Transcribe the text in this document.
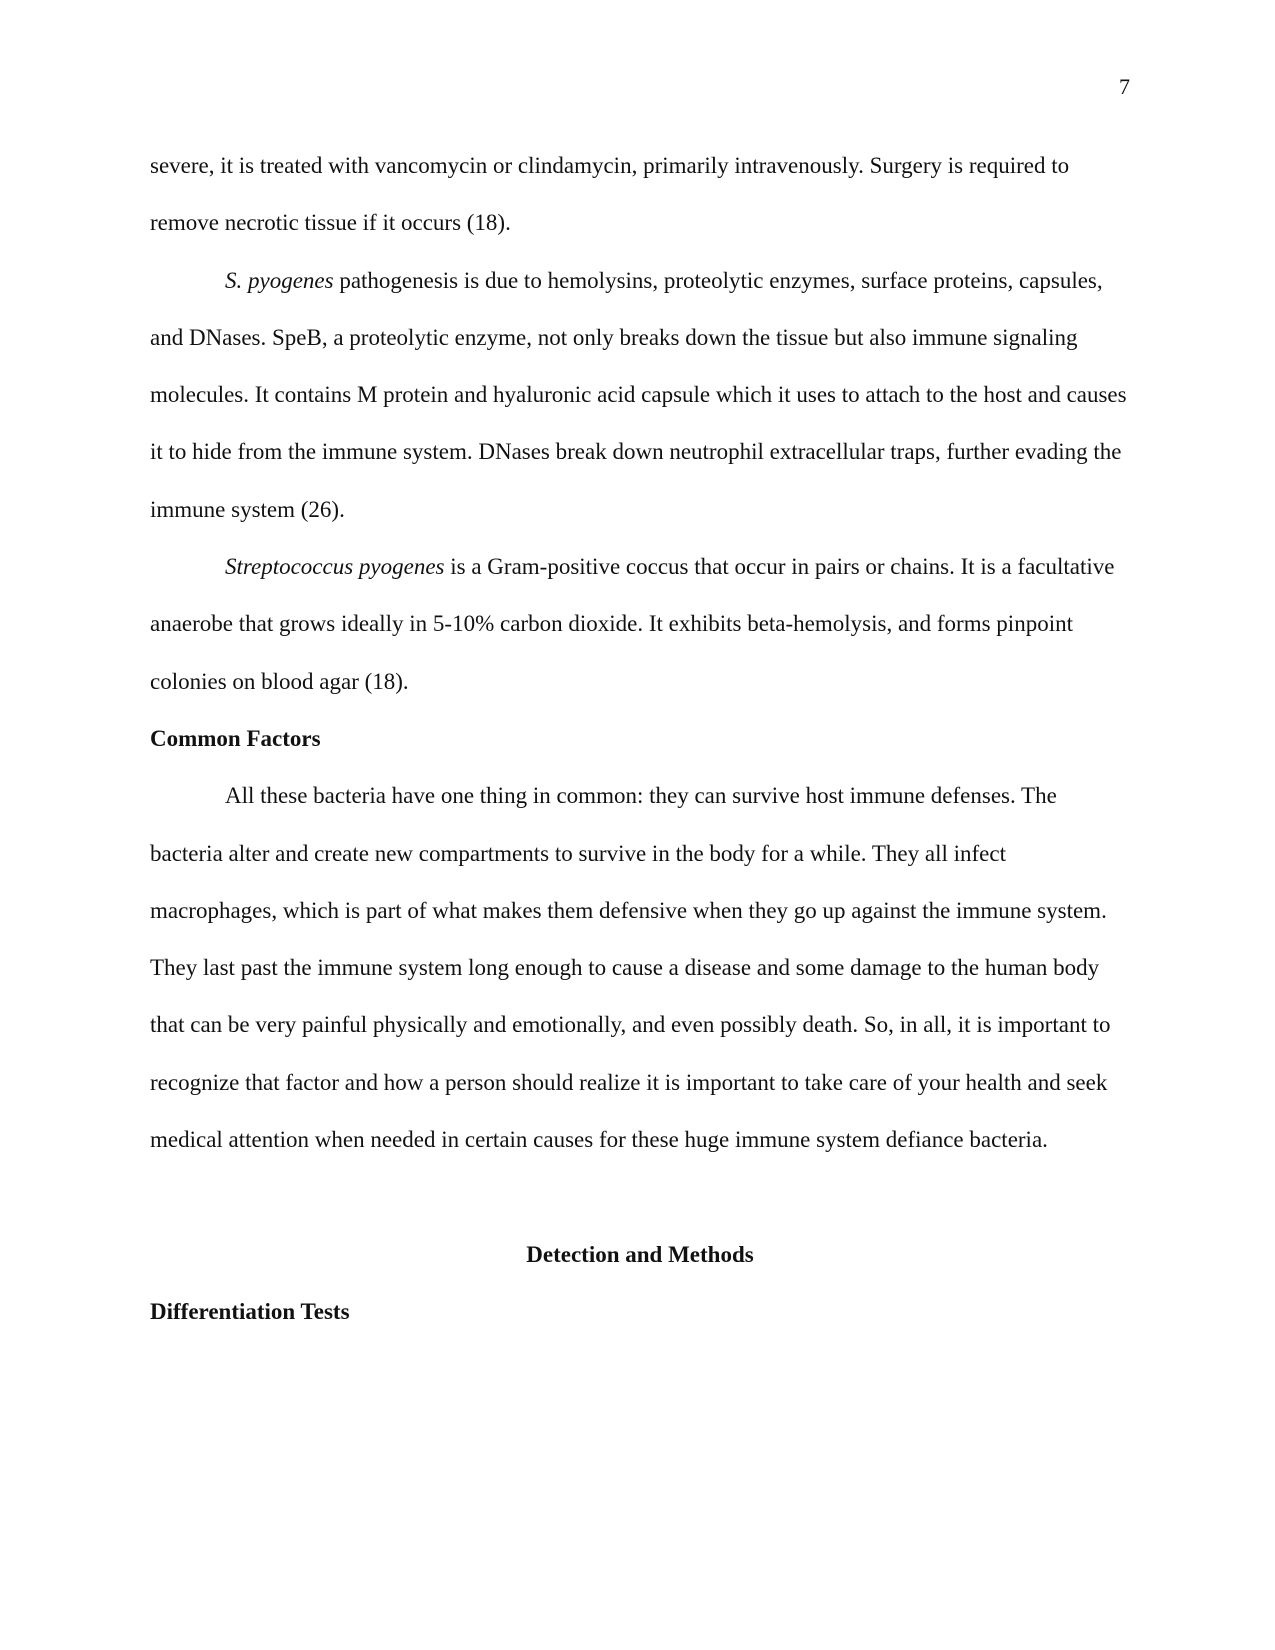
7

severe, it is treated with vancomycin or clindamycin, primarily intravenously. Surgery is required to remove necrotic tissue if it occurs (18).

S. pyogenes pathogenesis is due to hemolysins, proteolytic enzymes, surface proteins, capsules, and DNases. SpeB, a proteolytic enzyme, not only breaks down the tissue but also immune signaling molecules. It contains M protein and hyaluronic acid capsule which it uses to attach to the host and causes it to hide from the immune system. DNases break down neutrophil extracellular traps, further evading the immune system (26).

Streptococcus pyogenes is a Gram-positive coccus that occur in pairs or chains. It is a facultative anaerobe that grows ideally in 5-10% carbon dioxide. It exhibits beta-hemolysis, and forms pinpoint colonies on blood agar (18).

Common Factors

All these bacteria have one thing in common: they can survive host immune defenses. The bacteria alter and create new compartments to survive in the body for a while. They all infect macrophages, which is part of what makes them defensive when they go up against the immune system. They last past the immune system long enough to cause a disease and some damage to the human body that can be very painful physically and emotionally, and even possibly death. So, in all, it is important to recognize that factor and how a person should realize it is important to take care of your health and seek medical attention when needed in certain causes for these huge immune system defiance bacteria.

Detection and Methods

Differentiation Tests
